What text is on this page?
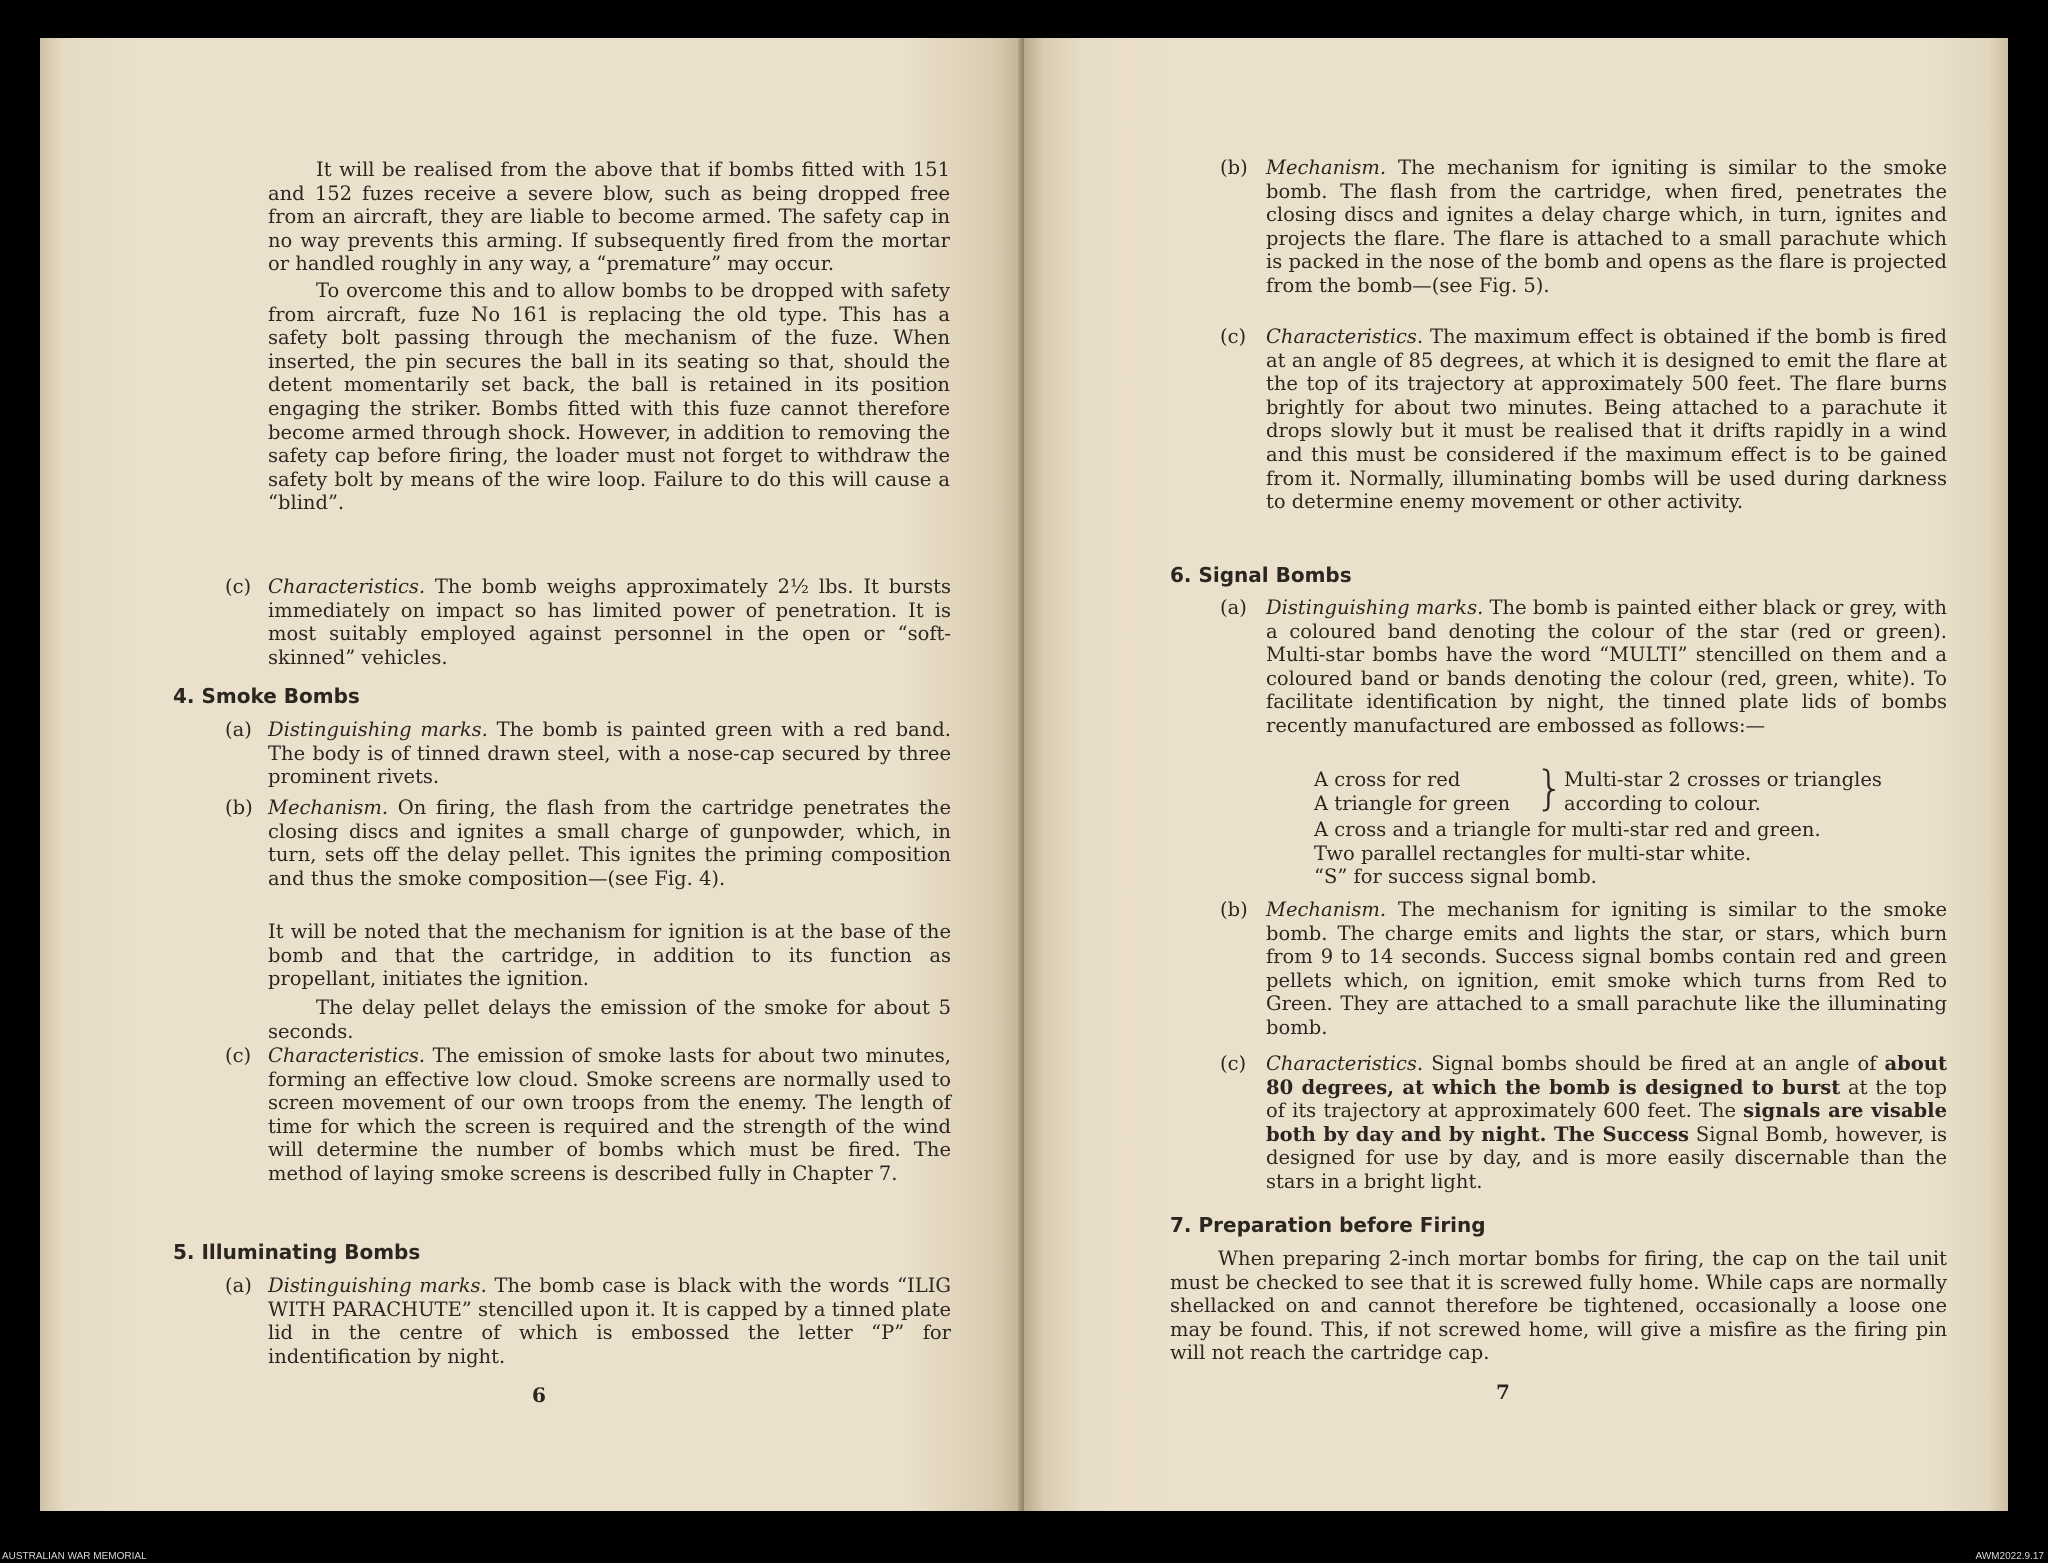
It will be realised from the above that if bombs fitted with 151 and 152 fuzes receive a severe blow, such as being dropped free from an aircraft, they are liable to become armed. The safety cap in no way prevents this arming. If subsequently fired from the mortar or handled roughly in any way, a “premature” may occur.

To overcome this and to allow bombs to be dropped with safety from aircraft, fuze No 161 is replacing the old type. This has a safety bolt passing through the mechanism of the fuze. When inserted, the pin secures the ball in its seating so that, should the detent momentarily set back, the ball is retained in its position engaging the striker. Bombs fitted with this fuze cannot therefore become armed through shock. However, in addition to removing the safety cap before firing, the loader must not forget to withdraw the safety bolt by means of the wire loop. Failure to do this will cause a “blind”.

(c) Characteristics. The bomb weighs approximately 2½ lbs. It bursts immediately on impact so has limited power of penetration. It is most suitably employed against personnel in the open or “soft-skinned” vehicles.
4. Smoke Bombs
(a) Distinguishing marks. The bomb is painted green with a red band. The body is of tinned drawn steel, with a nose-cap secured by three prominent rivets.
(b) Mechanism. On firing, the flash from the cartridge penetrates the closing discs and ignites a small charge of gunpowder, which, in turn, sets off the delay pellet. This ignites the priming composition and thus the smoke composition—(see Fig. 4).
It will be noted that the mechanism for ignition is at the base of the bomb and that the cartridge, in addition to its function as propellant, initiates the ignition.
The delay pellet delays the emission of the smoke for about 5 seconds.
(c) Characteristics. The emission of smoke lasts for about two minutes, forming an effective low cloud. Smoke screens are normally used to screen movement of our own troops from the enemy. The length of time for which the screen is required and the strength of the wind will determine the number of bombs which must be fired. The method of laying smoke screens is described fully in Chapter 7.
5. Illuminating Bombs
(a) Distinguishing marks. The bomb case is black with the words “ILIG WITH PARACHUTE” stencilled upon it. It is capped by a tinned plate lid in the centre of which is embossed the letter “P” for indentification by night.
6
(b) Mechanism. The mechanism for igniting is similar to the smoke bomb. The flash from the cartridge, when fired, penetrates the closing discs and ignites a delay charge which, in turn, ignites and projects the flare. The flare is attached to a small parachute which is packed in the nose of the bomb and opens as the flare is projected from the bomb—(see Fig. 5).
(c) Characteristics. The maximum effect is obtained if the bomb is fired at an angle of 85 degrees, at which it is designed to emit the flare at the top of its trajectory at approximately 500 feet. The flare burns brightly for about two minutes. Being attached to a parachute it drops slowly but it must be realised that it drifts rapidly in a wind and this must be considered if the maximum effect is to be gained from it. Normally, illuminating bombs will be used during darkness to determine enemy movement or other activity.
6. Signal Bombs
(a) Distinguishing marks. The bomb is painted either black or grey, with a coloured band denoting the colour of the star (red or green). Multi-star bombs have the word “MULTI” stencilled on them and a coloured band or bands denoting the colour (red, green, white). To facilitate identification by night, the tinned plate lids of bombs recently manufactured are embossed as follows:—
A cross for red
A triangle for green } Multi-star 2 crosses or triangles
according to colour.
A cross and a triangle for multi-star red and green.
Two parallel rectangles for multi-star white.
“S” for success signal bomb.
(b) Mechanism. The mechanism for igniting is similar to the smoke bomb. The charge emits and lights the star, or stars, which burn from 9 to 14 seconds. Success signal bombs contain red and green pellets which, on ignition, emit smoke which turns from Red to Green. They are attached to a small parachute like the illuminating bomb.
(c) Characteristics. Signal bombs should be fired at an angle of about 80 degrees, at which the bomb is designed to burst at the top of its trajectory at approximately 600 feet. The signals are visable both by day and by night. The Success Signal Bomb, however, is designed for use by day, and is more easily discernable than the stars in a bright light.
7. Preparation before Firing

When preparing 2-inch mortar bombs for firing, the cap on the tail unit must be checked to see that it is screwed fully home. While caps are normally shellacked on and cannot therefore be tightened, occasionally a loose one may be found. This, if not screwed home, will give a misfire as the firing pin will not reach the cartridge cap.

7
AUSTRALIAN WAR MEMORIAL	AWM2022.9.17
